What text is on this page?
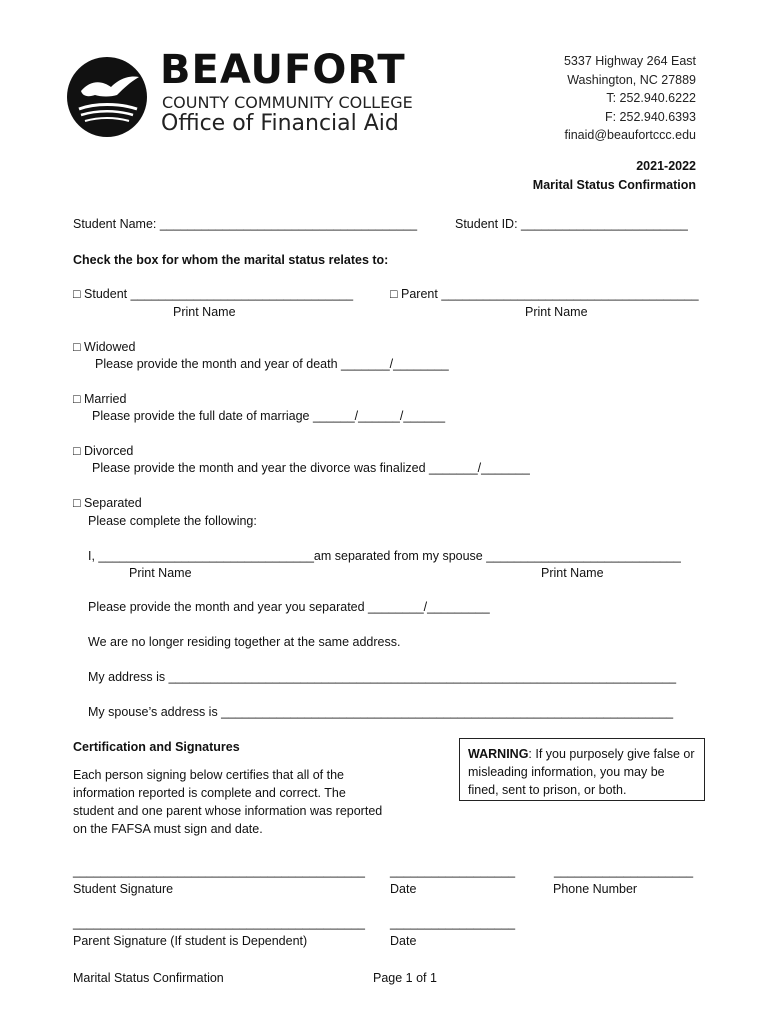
BEAUFORT
COUNTY COMMUNITY COLLEGE
Office of Financial Aid
5337 Highway 264 East
Washington, NC 27889
T: 252.940.6222
F: 252.940.6393
finaid@beaufortccc.edu
2021-2022
Marital Status Confirmation
Student Name: _____________________________________	Student ID: ________________________
Check the box for whom the marital status relates to:
□ Student ________________________________
Print Name
□ Parent _____________________________________
Print Name
□ Widowed
Please provide the month and year of death _______/________
□ Married
Please provide the full date of marriage ______/______/______
□ Divorced
Please provide the month and year the divorce was finalized _______/_______
□ Separated
Please complete the following:
I, _______________________________am separated from my spouse ____________________________
Print Name	Print Name
Please provide the month and year you separated ________/_________
We are no longer residing together at the same address.
My address is _________________________________________________________________________
My spouse’s address is _________________________________________________________________
Certification and Signatures
Each person signing below certifies that all of the information reported is complete and correct. The student and one parent whose information was reported on the FAFSA must sign and date.
WARNING: If you purposely give false or misleading information, you may be fined, sent to prison, or both.
__________________________________________ __________________	____________________
Student Signature	Date	Phone Number
__________________________________________ __________________
Parent Signature (If student is Dependent)	Date
Marital Status Confirmation	Page 1 of 1
